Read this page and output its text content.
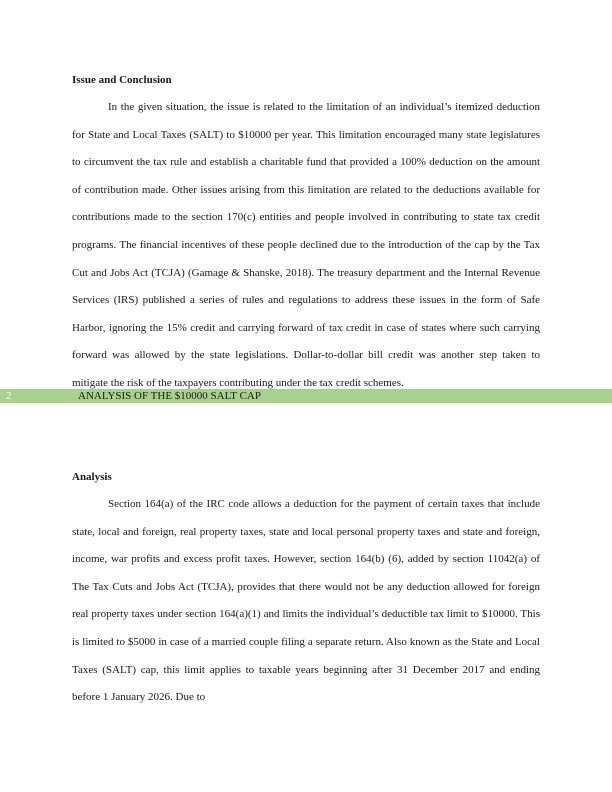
Issue and Conclusion

In the given situation, the issue is related to the limitation of an individual’s itemized deduction for State and Local Taxes (SALT) to $10000 per year. This limitation encouraged many state legislatures to circumvent the tax rule and establish a charitable fund that provided a 100% deduction on the amount of contribution made. Other issues arising from this limitation are related to the deductions available for contributions made to the section 170(c) entities and people involved in contributing to state tax credit programs. The financial incentives of these people declined due to the introduction of the cap by the Tax Cut and Jobs Act (TCJA) (Gamage & Shanske, 2018). The treasury department and the Internal Revenue Services (IRS) published a series of rules and regulations to address these issues in the form of Safe Harbor, ignoring the 15% credit and carrying forward of tax credit in case of states where such carrying forward was allowed by the state legislations. Dollar-to-dollar bill credit was another step taken to mitigate the risk of the taxpayers contributing under the tax credit schemes.

2	ANALYSIS OF THE $10000 SALT CAP
Analysis

Section 164(a) of the IRC code allows a deduction for the payment of certain taxes that include state, local and foreign, real property taxes, state and local personal property taxes and state and foreign, income, war profits and excess profit taxes. However, section 164(b) (6), added by section 11042(a) of The Tax Cuts and Jobs Act (TCJA), provides that there would not be any deduction allowed for foreign real property taxes under section 164(a)(1) and limits the individual’s deductible tax limit to $10000. This is limited to $5000 in case of a married couple filing a separate return. Also known as the State and Local Taxes (SALT) cap, this limit applies to taxable years beginning after 31 December 2017 and ending before 1 January 2026. Due to
